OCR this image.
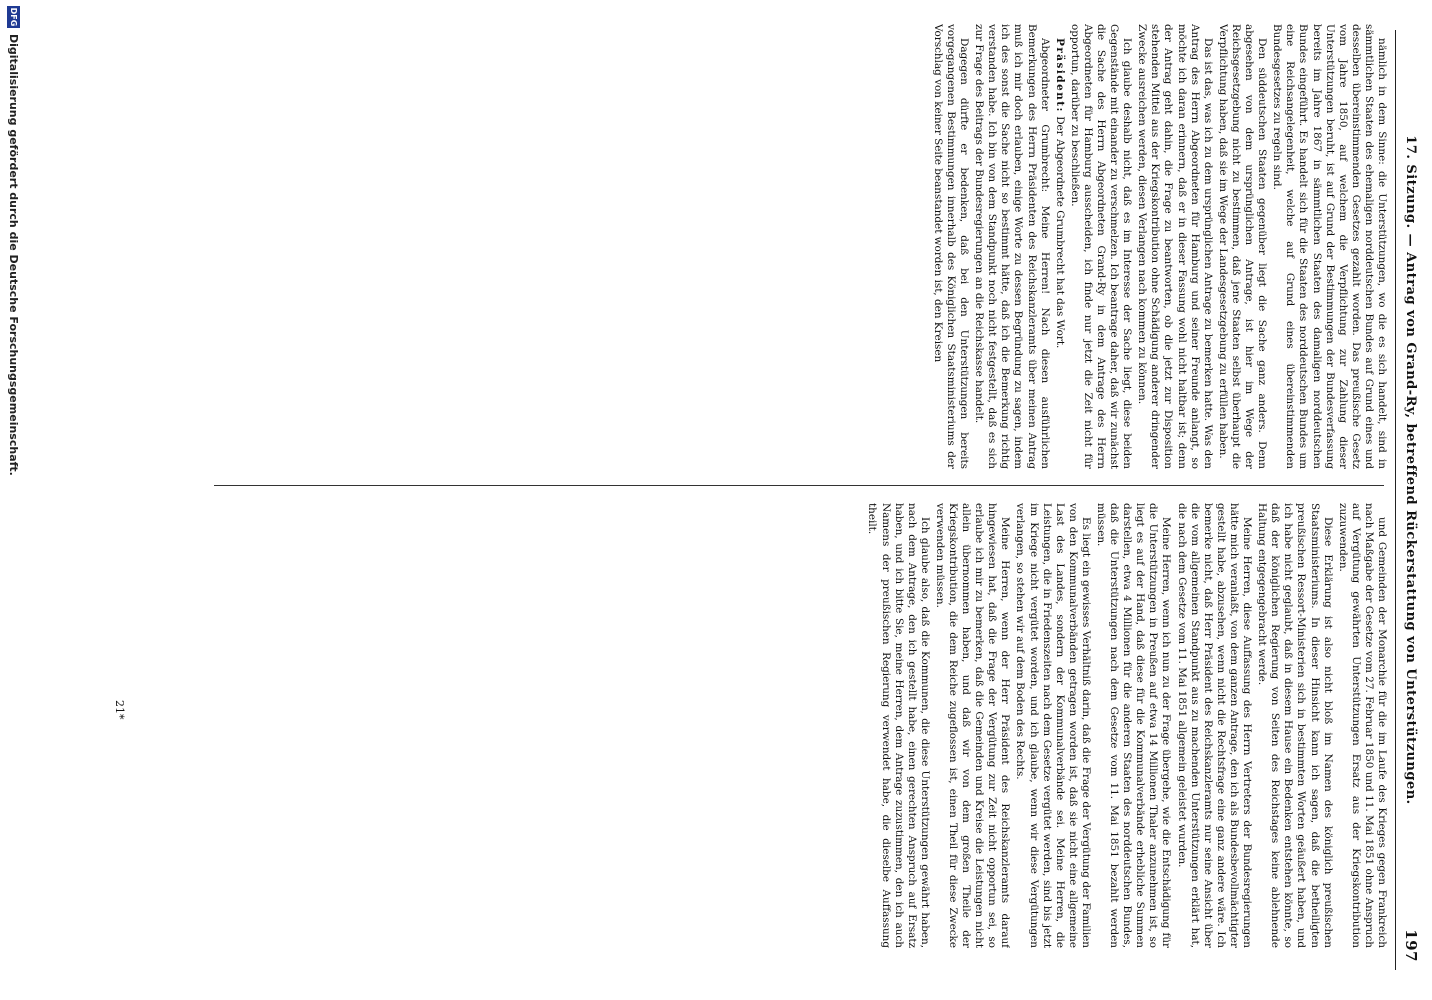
17. Sitzung. — Antrag von Grand-Ry, betreffend Rückerstattung von Unterstützungen.
197

nämlich in dem Sinne: die Unterstützungen, wo die es sich handelt, sind in sämmtlichen Staaten des ehemaligen norddeutschen Bundes auf Grund eines und desselben übereinstimmenden Gesetzes gezahlt worden. Das preußische Gesetz vom Jahre 1850, auf welchem die Verpflichtung zur Zahlung dieser Unterstützungen beruht, ist auf Grund der Bestimmungen der Bundesverfassung bereits im Jahre 1867 in sämmtlichen Staaten des damaligen norddeutschen Bundes eingeführt. Es handelt sich für die Staaten des norddeutschen Bundes um eine Reichsangelegenheit, welche auf Grund eines übereinstimmenden Bundesgesetzes zu regeln sind.

Den süddeutschen Staaten gegenüber liegt die Sache ganz anders. Denn abgesehen von dem ursprünglichen Antrage, ist hier im Wege der Reichsgesetzgebung nicht zu bestimmen, daß jene Staaten selbst überhaupt die Verpflichtung haben, daß sie im Wege der Landesgesetzgebung zu erfüllen haben.

Das ist das, was ich zu dem ursprünglichen Antrage zu bemerken hatte. Was den Antrag des Herrn Abgeordneten für Hamburg und seiner Freunde anlangt, so möchte ich daran erinnern, daß er in dieser Fassung wohl nicht haltbar ist; denn der Antrag geht dahin, die Frage zu beantworten, ob die jetzt zur Disposition stehenden Mittel aus der Kriegskontribution ohne Schädigung anderer dringender Zwecke ausreichen werden, diesen Verlangen nach kommen zu können.

Ich glaube deshalb nicht, daß es im Interesse der Sache liegt, diese beiden Gegenstände mit einander zu verschmelzen. Ich beantrage daher, daß wir zunächst die Sache des Herrn Abgeordneten Grand-Ry in dem Antrage des Herrn Abgeordneten für Hamburg ausscheiden, ich finde nur jetzt die Zeit nicht für opportun, darüber zu beschließen.

Präsident: Der Abgeordnete Grumbrecht hat das Wort.

Abgeordneter Grumbrecht: Meine Herren! Nach diesen ausführlichen Bemerkungen des Herrn Präsidenten des Reichskanzleramts über meinen Antrag muß ich mir doch erlauben, einige Worte zu dessen Begründung zu sagen, indem ich des sonst die Sache nicht so bestimmt hätte, daß ich die Bemerkung richtig verstanden habe. Ich bin von dem Standpunkt noch nicht festgestellt, daß es sich zur Frage des Beitrags der Bundesregierungen an die Reichskasse handelt.

Dagegen dürfte er bedenken, daß bei den Unterstützungen bereits vorgegangenen Bestimmungen innerhalb des Königlichen Staatsministeriums der Vorschlag von keiner Seite beanstandet worden ist, den Kreisen

und Gemeinden der Monarchie für die im Laufe des Krieges gegen Frankreich nach Maßgabe der Gesetze vom 27. Februar 1850 und 11. Mai 1851 ohne Anspruch auf Vergütung gewährten Unterstützungen Ersatz aus der Kriegskontribution zuzuwenden.

Diese Erklärung ist also nicht bloß im Namen des königlich preußischen Staatsministeriums. In dieser Hinsicht kann ich sagen, daß die betheiligten preußischen Ressort-Ministerien sich in bestimmten Worten geäußert haben, und ich habe nicht geglaubt, daß in diesem Hause ein Bedenken entstehen könnte, so daß der königlichen Regierung von Seiten des Reichstages keine ablehnende Haltung entgegengebracht werde.

Meine Herren, diese Auffassung des Herrn Vertreters der Bundesregierungen hätte mich veranlaßt, von dem ganzen Antrage, den ich als Bundesbevollmächtigter gestellt habe, abzusehen, wenn nicht die Rechtsfrage eine ganz andere wäre. Ich bemerke nicht, daß Herr Präsident des Reichskanzleramts nur seine Ansicht über die vom allgemeinen Standpunkt aus zu machenden Unterstützungen erklärt hat, die nach dem Gesetze vom 11. Mai 1851 allgemein geleistet wurden.

Meine Herren, wenn ich nun zu der Frage übergehe, wie die Entschädigung für die Unterstützungen in Preußen auf etwa 14 Millionen Thaler anzunehmen ist, so liegt es auf der Hand, daß diese für die Kommunalverbände erhebliche Summen darstellen, etwa 4 Millionen für die anderen Staaten des norddeutschen Bundes, daß die Unterstützungen nach dem Gesetze vom 11. Mai 1851 bezahlt werden müssen.

Es liegt ein gewisses Verhältniß darin, daß die Frage der Vergütung der Familien von den Kommunalverbänden getragen worden ist, daß sie nicht eine allgemeine Last des Landes, sondern der Kommunalverbände sei. Meine Herren, die Leistungen, die in Friedenszeiten nach dem Gesetze vergütet werden, sind bis jetzt im Kriege nicht vergütet worden, und ich glaube, wenn wir diese Vergütungen verlangen, so stehen wir auf dem Boden des Rechts.

Meine Herren, wenn der Herr Präsident des Reichskanzleramts darauf hingewiesen hat, daß die Frage der Vergütung zur Zeit nicht opportun sei, so erlaube ich mir zu bemerken, daß die Gemeinden und Kreise die Leistungen nicht allein übernommen haben, und daß wir von dem großen Theile der Kriegskontribution, die dem Reiche zugeflossen ist, einen Theil für diese Zwecke verwenden müssen.

Ich glaube also, daß die Kommunen, die diese Unterstützungen gewährt haben, nach dem Antrage, den ich gestellt habe, einen gerechten Anspruch auf Ersatz haben, und ich bitte Sie, meine Herren, dem Antrage zuzustimmen, den ich auch Namens der preußischen Regierung verwendet habe, die dieselbe Auffassung theilt.

21*
DFG
Digitalisierung gefördert durch die Deutsche Forschungsgemeinschaft.
